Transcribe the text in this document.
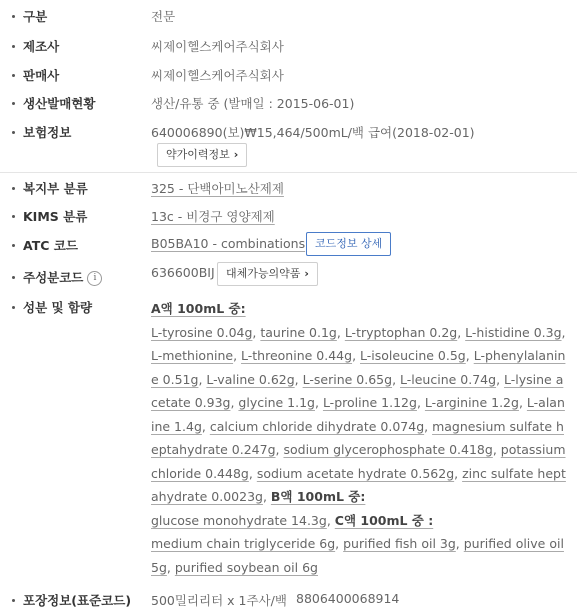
구분	전문
제조사	씨제이헬스케어주식회사
판매사	씨제이헬스케어주식회사
생산발매현황	생산/유통 중 (발매일 : 2015-06-01)
보험정보	640006890(보)₩15,464/500mL/백 급여(2018-02-01)
약가이력정보 ›
복지부 분류	325 - 단백아미노산제제
KIMS 분류	13c - 비경구 영양제제
ATC 코드	B05BA10 - combinations 코드정보 상세
주성분코드 i	636600BIJ	대체가능의약품 ›
성분 및 함량	A액 100mL 중:
L-tyrosine 0.04g, taurine 0.1g, L-tryptophan 0.2g, L-histidine 0.3g, L-methionine, L-threonine 0.44g, L-isoleucine 0.5g, L-phenylalanine 0.51g, L-valine 0.62g, L-serine 0.65g, L-leucine 0.74g, L-lysine acetate 0.93g, glycine 1.1g, L-proline 1.12g, L-arginine 1.2g, L-alanine 1.4g, calcium chloride dihydrate 0.074g, magnesium sulfate heptahydrate 0.247g, sodium glycerophosphate 0.418g, potassium chloride 0.448g, sodium acetate hydrate 0.562g, zinc sulfate heptahydrate 0.0023g, B액 100mL 중:
glucose monohydrate 14.3g, C액 100mL 중 :
medium chain triglyceride 6g, purified fish oil 3g, purified olive oil 5g, purified soybean oil 6g
포장정보(표준코드) 500밀리리터 x 1주사/백 8806400068914
